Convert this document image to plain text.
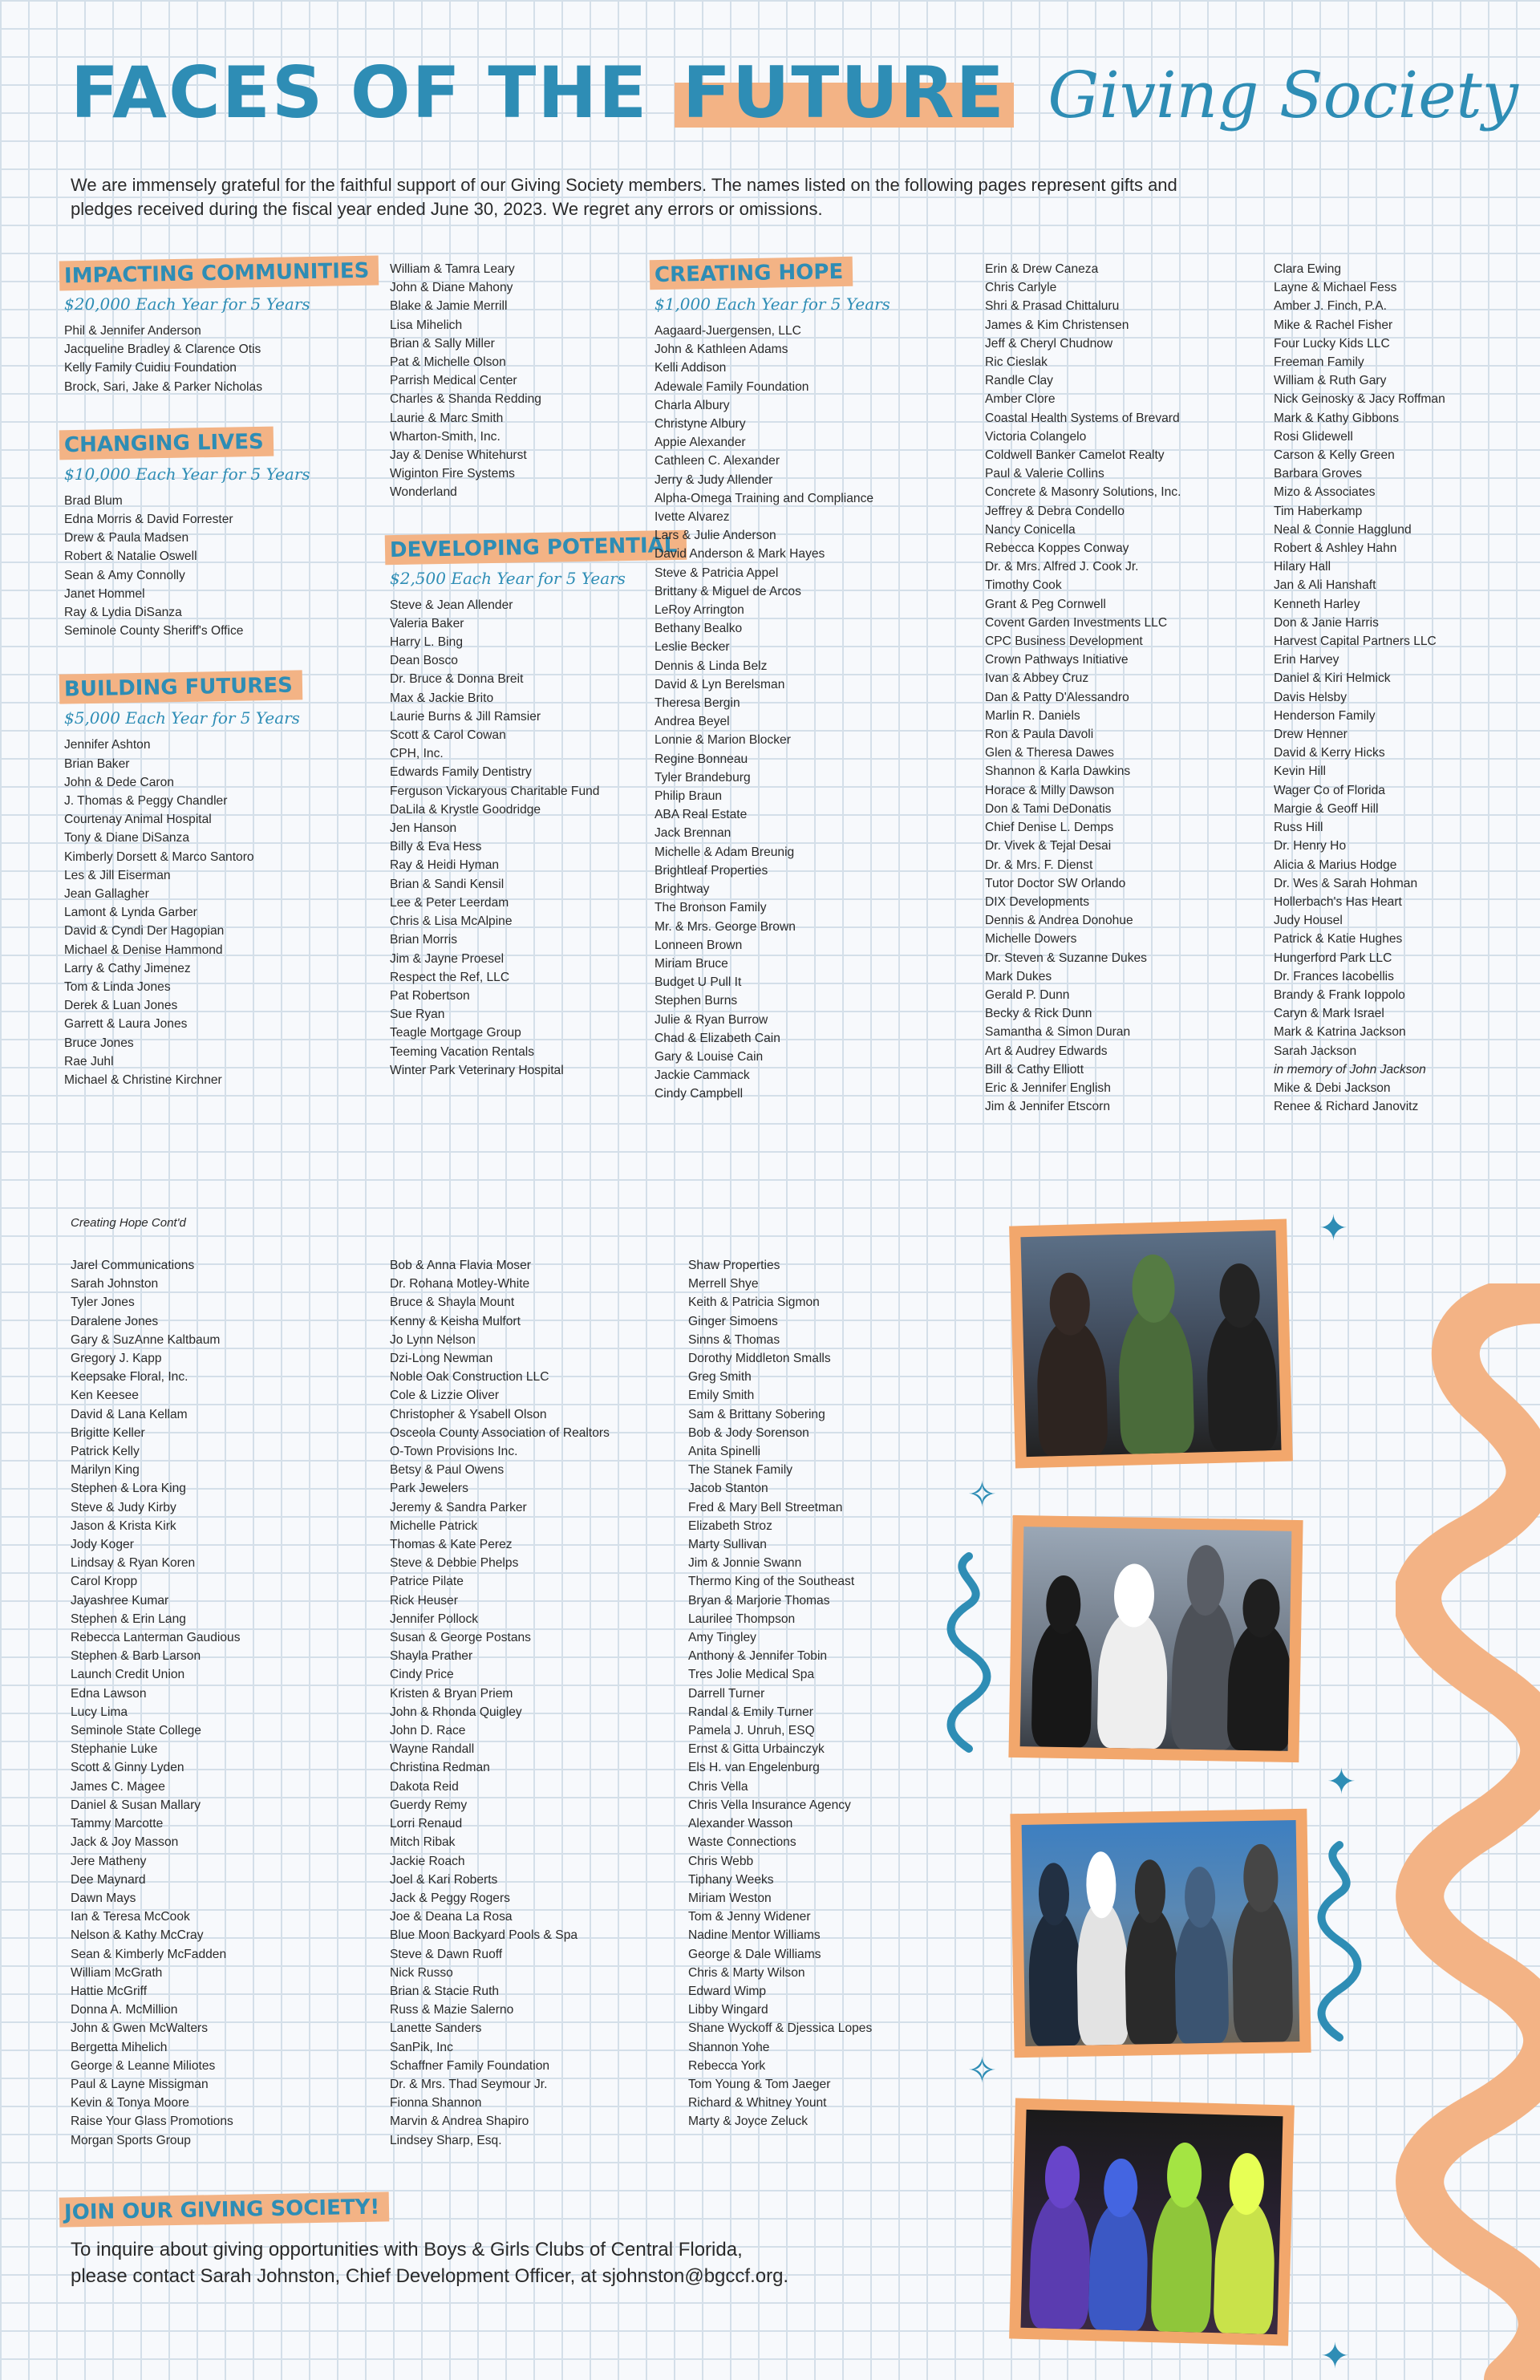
FACES OF THE FUTURE Giving Society

We are immensely grateful for the faithful support of our Giving Society members. The names listed on the following pages represent gifts and pledges received during the fiscal year ended June 30, 2023. We regret any errors or omissions.

IMPACTING COMMUNITIES
$20,000 Each Year for 5 Years
Phil & Jennifer Anderson
Jacqueline Bradley & Clarence Otis
Kelly Family Cuidiu Foundation
Brock, Sari, Jake & Parker Nicholas
CHANGING LIVES
$10,000 Each Year for 5 Years
Brad Blum
Edna Morris & David Forrester
Drew & Paula Madsen
Robert & Natalie Oswell
Sean & Amy Connolly
Janet Hommel
Ray & Lydia DiSanza
Seminole County Sheriff's Office
BUILDING FUTURES
$5,000 Each Year for 5 Years
Jennifer Ashton
Brian Baker
John & Dede Caron
J. Thomas & Peggy Chandler
Courtenay Animal Hospital
Tony & Diane DiSanza
Kimberly Dorsett & Marco Santoro
Les & Jill Eiserman
Jean Gallagher
Lamont & Lynda Garber
David & Cyndi Der Hagopian
Michael & Denise Hammond
Larry & Cathy Jimenez
Tom & Linda Jones
Derek & Luan Jones
Garrett & Laura Jones
Bruce Jones
Rae Juhl
Michael & Christine Kirchner
William & Tamra Leary
John & Diane Mahony
Blake & Jamie Merrill
Lisa Mihelich
Brian & Sally Miller
Pat & Michelle Olson
Parrish Medical Center
Charles & Shanda Redding
Laurie & Marc Smith
Wharton-Smith, Inc.
Jay & Denise Whitehurst
Wiginton Fire Systems
Wonderland
DEVELOPING POTENTIAL
$2,500 Each Year for 5 Years
Steve & Jean Allender
Valeria Baker
Harry L. Bing
Dean Bosco
Dr. Bruce & Donna Breit
Max & Jackie Brito
Laurie Burns & Jill Ramsier
Scott & Carol Cowan
CPH, Inc.
Edwards Family Dentistry
Ferguson Vickaryous Charitable Fund
DaLila & Krystle Goodridge
Jen Hanson
Billy & Eva Hess
Ray & Heidi Hyman
Brian & Sandi Kensil
Lee & Peter Leerdam
Chris & Lisa McAlpine
Brian Morris
Jim & Jayne Proesel
Respect the Ref, LLC
Pat Robertson
Sue Ryan
Teagle Mortgage Group
Teeming Vacation Rentals
Winter Park Veterinary Hospital
CREATING HOPE
$1,000 Each Year for 5 Years
Aagaard-Juergensen, LLC
John & Kathleen Adams
Kelli Addison
Adewale Family Foundation
Charla Albury
Christyne Albury
Appie Alexander
Cathleen C. Alexander
Jerry & Judy Allender
Alpha-Omega Training and Compliance
Ivette Alvarez
Lars & Julie Anderson
David Anderson & Mark Hayes
Steve & Patricia Appel
Brittany & Miguel de Arcos
LeRoy Arrington
Bethany Bealko
Leslie Becker
Dennis & Linda Belz
David & Lyn Berelsman
Theresa Bergin
Andrea Beyel
Lonnie & Marion Blocker
Regine Bonneau
Tyler Brandeburg
Philip Braun
ABA Real Estate
Jack Brennan
Michelle & Adam Breunig
Brightleaf Properties
Brightway
The Bronson Family
Mr. & Mrs. George Brown
Lonneen Brown
Miriam Bruce
Budget U Pull It
Stephen Burns
Julie & Ryan Burrow
Chad & Elizabeth Cain
Gary & Louise Cain
Jackie Cammack
Cindy Campbell
Erin & Drew Caneza
Chris Carlyle
Shri & Prasad Chittaluru
James & Kim Christensen
Jeff & Cheryl Chudnow
Ric Cieslak
Randle Clay
Amber Clore
Coastal Health Systems of Brevard
Victoria Colangelo
Coldwell Banker Camelot Realty
Paul & Valerie Collins
Concrete & Masonry Solutions, Inc.
Jeffrey & Debra Condello
Nancy Conicella
Rebecca Koppes Conway
Dr. & Mrs. Alfred J. Cook Jr.
Timothy Cook
Grant & Peg Cornwell
Covent Garden Investments LLC
CPC Business Development
Crown Pathways Initiative
Ivan & Abbey Cruz
Dan & Patty D'Alessandro
Marlin R. Daniels
Ron & Paula Davoli
Glen & Theresa Dawes
Shannon & Karla Dawkins
Horace & Milly Dawson
Don & Tami DeDonatis
Chief Denise L. Demps
Dr. Vivek & Tejal Desai
Dr. & Mrs. F. Dienst
Tutor Doctor SW Orlando
DIX Developments
Dennis & Andrea Donohue
Michelle Dowers
Dr. Steven & Suzanne Dukes
Mark Dukes
Gerald P. Dunn
Becky & Rick Dunn
Samantha & Simon Duran
Art & Audrey Edwards
Bill & Cathy Elliott
Eric & Jennifer English
Jim & Jennifer Etscorn
Clara Ewing
Layne & Michael Fess
Amber J. Finch, P.A.
Mike & Rachel Fisher
Four Lucky Kids LLC
Freeman Family
William & Ruth Gary
Nick Geinosky & Jacy Roffman
Mark & Kathy Gibbons
Rosi Glidewell
Carson & Kelly Green
Barbara Groves
Mizo & Associates
Tim Haberkamp
Neal & Connie Hagglund
Robert & Ashley Hahn
Hilary Hall
Jan & Ali Hanshaft
Kenneth Harley
Don & Janie Harris
Harvest Capital Partners LLC
Erin Harvey
Daniel & Kiri Helmick
Davis Helsby
Henderson Family
Drew Henner
David & Kerry Hicks
Kevin Hill
Wager Co of Florida
Margie & Geoff Hill
Russ Hill
Dr. Henry Ho
Alicia & Marius Hodge
Dr. Wes & Sarah Hohman
Hollerbach's Has Heart
Judy Housel
Patrick & Katie Hughes
Hungerford Park LLC
Dr. Frances Iacobellis
Brandy & Frank Ioppolo
Caryn & Mark Israel
Mark & Katrina Jackson
Sarah Jackson
in memory of John Jackson
Mike & Debi Jackson
Renee & Richard Janovitz
Creating Hope Cont'd
Jarel Communications
Sarah Johnston
Tyler Jones
Daralene Jones
Gary & SuzAnne Kaltbaum
Gregory J. Kapp
Keepsake Floral, Inc.
Ken Keesee
David & Lana Kellam
Brigitte Keller
Patrick Kelly
Marilyn King
Stephen & Lora King
Steve & Judy Kirby
Jason & Krista Kirk
Jody Koger
Lindsay & Ryan Koren
Carol Kropp
Jayashree Kumar
Stephen & Erin Lang
Rebecca Lanterman Gaudious
Stephen & Barb Larson
Launch Credit Union
Edna Lawson
Lucy Lima
Seminole State College
Stephanie Luke
Scott & Ginny Lyden
James C. Magee
Daniel & Susan Mallary
Tammy Marcotte
Jack & Joy Masson
Jere Matheny
Dee Maynard
Dawn Mays
Ian & Teresa McCook
Nelson & Kathy McCray
Sean & Kimberly McFadden
William McGrath
Hattie McGriff
Donna A. McMillion
John & Gwen McWalters
Bergetta Mihelich
George & Leanne Miliotes
Paul & Layne Missigman
Kevin & Tonya Moore
Raise Your Glass Promotions
Morgan Sports Group
Bob & Anna Flavia Moser
Dr. Rohana Motley-White
Bruce & Shayla Mount
Kenny & Keisha Mulfort
Jo Lynn Nelson
Dzi-Long Newman
Noble Oak Construction LLC
Cole & Lizzie Oliver
Christopher & Ysabell Olson
Osceola County Association of Realtors
O-Town Provisions Inc.
Betsy & Paul Owens
Park Jewelers
Jeremy & Sandra Parker
Michelle Patrick
Thomas & Kate Perez
Steve & Debbie Phelps
Patrice Pilate
Rick Heuser
Jennifer Pollock
Susan & George Postans
Shayla Prather
Cindy Price
Kristen & Bryan Priem
John & Rhonda Quigley
John D. Race
Wayne Randall
Christina Redman
Dakota Reid
Guerdy Remy
Lorri Renaud
Mitch Ribak
Jackie Roach
Joel & Kari Roberts
Jack & Peggy Rogers
Joe & Deana La Rosa
Blue Moon Backyard Pools & Spa
Steve & Dawn Ruoff
Nick Russo
Brian & Stacie Ruth
Russ & Mazie Salerno
Lanette Sanders
SanPik, Inc
Schaffner Family Foundation
Dr. & Mrs. Thad Seymour Jr.
Fionna Shannon
Marvin & Andrea Shapiro
Lindsey Sharp, Esq.
Shaw Properties
Merrell Shye
Keith & Patricia Sigmon
Ginger Simoens
Sinns & Thomas
Dorothy Middleton Smalls
Greg Smith
Emily Smith
Sam & Brittany Sobering
Bob & Jody Sorenson
Anita Spinelli
The Stanek Family
Jacob Stanton
Fred & Mary Bell Streetman
Elizabeth Stroz
Marty Sullivan
Jim & Jonnie Swann
Thermo King of the Southeast
Bryan & Marjorie Thomas
Laurilee Thompson
Amy Tingley
Anthony & Jennifer Tobin
Tres Jolie Medical Spa
Darrell Turner
Randal & Emily Turner
Pamela J. Unruh, ESQ
Ernst & Gitta Urbainczyk
Els H. van Engelenburg
Chris Vella
Chris Vella Insurance Agency
Alexander Wasson
Waste Connections
Chris Webb
Tiphany Weeks
Miriam Weston
Tom & Jenny Widener
Nadine Mentor Williams
George & Dale Williams
Chris & Marty Wilson
Edward Wimp
Libby Wingard
Shane Wyckoff & Djessica Lopes
Shannon Yohe
Rebecca York
Tom Young & Tom Jaeger
Richard & Whitney Yount
Marty & Joyce Zeluck
✦
✧
✦
✧
✦
JOIN OUR GIVING SOCIETY!

To inquire about giving opportunities with Boys & Girls Clubs of Central Florida, please contact Sarah Johnston, Chief Development Officer, at sjohnston@bgccf.org.
